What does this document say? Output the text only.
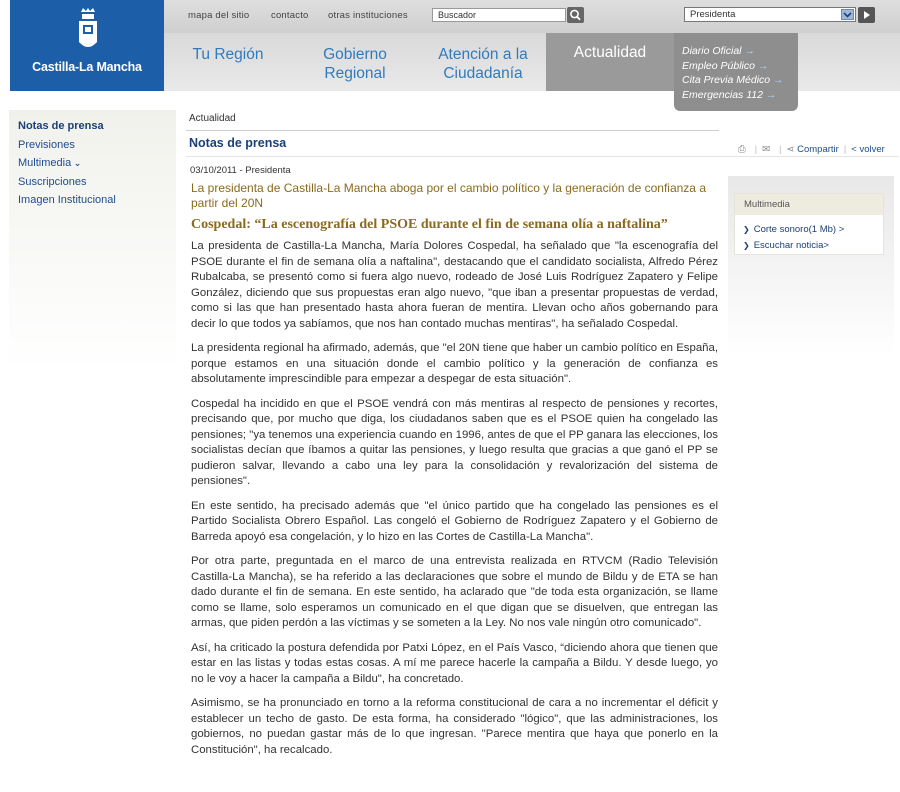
Castilla-La Mancha
mapa del sitio contacto otras instituciones	Buscador	Presidenta
Tu Región	Gobierno Regional
Atención a la Ciudadanía
Actualidad	Diario Oficial →
Empleo Público →
Cita Previa Médico →
Emergencias 112 →
Notas de prensa
Previsiones
Multimedia ⌄
Suscripciones
Imagen Institucional	Multimedia
❯ Corte sonoro(1 Mb) >
❯ Escuchar noticia>
Actualidad
Notas de prensa	⎙ | ✉ | ⋖ Compartir | < volver
03/10/2011 - Presidenta
La presidenta de Castilla-La Mancha aboga por el cambio político y la generación de confianza a partir del 20N
Cospedal: “La escenografía del PSOE durante el fin de semana olía a naftalina”

La presidenta de Castilla-La Mancha, María Dolores Cospedal, ha señalado que "la escenografía del PSOE durante el fin de semana olía a naftalina", destacando que el candidato socialista, Alfredo Pérez Rubalcaba, se presentó como si fuera algo nuevo, rodeado de José Luis Rodríguez Zapatero y Felipe González, diciendo que sus propuestas eran algo nuevo, "que iban a presentar propuestas de verdad, como si las que han presentado hasta ahora fueran de mentira. Llevan ocho años gobernando para decir lo que todos ya sabíamos, que nos han contado muchas mentiras", ha señalado Cospedal.

La presidenta regional ha afirmado, además, que "el 20N tiene que haber un cambio político en España, porque estamos en una situación donde el cambio político y la generación de confianza es absolutamente imprescindible para empezar a despegar de esta situación".

Cospedal ha incidido en que el PSOE vendrá con más mentiras al respecto de pensiones y recortes, precisando que, por mucho que diga, los ciudadanos saben que es el PSOE quien ha congelado las pensiones; "ya tenemos una experiencia cuando en 1996, antes de que el PP ganara las elecciones, los socialistas decían que íbamos a quitar las pensiones, y luego resulta que gracias a que ganó el PP se pudieron salvar, llevando a cabo una ley para la consolidación y revalorización del sistema de pensiones".

En este sentido, ha precisado además que "el único partido que ha congelado las pensiones es el Partido Socialista Obrero Español. Las congeló el Gobierno de Rodríguez Zapatero y el Gobierno de Barreda apoyó esa congelación, y lo hizo en las Cortes de Castilla-La Mancha".

Por otra parte, preguntada en el marco de una entrevista realizada en RTVCM (Radio Televisión Castilla-La Mancha), se ha referido a las declaraciones que sobre el mundo de Bildu y de ETA se han dado durante el fin de semana. En este sentido, ha aclarado que "de toda esta organización, se llame como se llame, solo esperamos un comunicado en el que digan que se disuelven, que entregan las armas, que piden perdón a las víctimas y se someten a la Ley. No nos vale ningún otro comunicado".

Así, ha criticado la postura defendida por Patxi López, en el País Vasco, “diciendo ahora que tienen que estar en las listas y todas estas cosas. A mí me parece hacerle la campaña a Bildu. Y desde luego, yo no le voy a hacer la campaña a Bildu", ha concretado.

Asimismo, se ha pronunciado en torno a la reforma constitucional de cara a no incrementar el déficit y establecer un techo de gasto. De esta forma, ha considerado "lógico", que las administraciones, los gobiernos, no puedan gastar más de lo que ingresan. "Parece mentira que haya que ponerlo en la Constitución", ha recalcado.
